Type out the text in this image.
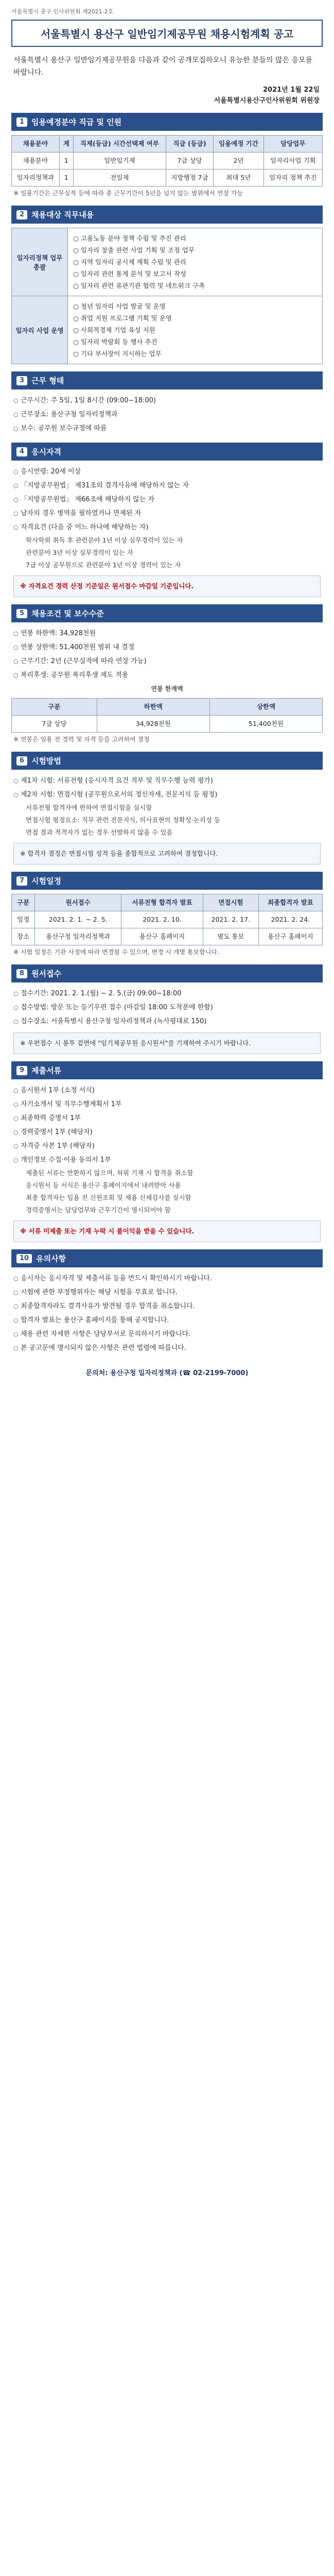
서울특별시 중구 인사위원회 제2021-2호
서울특별시 용산구 일반임기제공무원 채용시험계획 공고
서울특별시 용산구 일반임기제공무원을 다음과 같이 공개모집하오니 유능한 분들의 많은 응모를 바랍니다.
2021년 1월 22일
서울특별시용산구인사위원회 위원장
1 임용예정분야 직급 및 인원
채용분야	계	직제(등급) 시간선택제 여부	직급 (등급)	임용예정 기간	담당업무
채용분야	1	일반임기제	7급 상당	2년	일자리사업 기획
일자리정책과	1	전일제	지방행정 7급	최대 5년	일자리 정책 추진
※ 임용기간은 근무실적 등에 따라 총 근무기간이 5년을 넘지 않는 범위에서 연장 가능
2 채용대상 직무내용
일자리정책 업무 총괄
○ 고용노동 분야 정책 수립 및 추진 관리
○ 일자리 창출 관련 사업 기획 및 조정 업무
○ 지역 일자리 공시제 계획 수립 및 관리
○ 일자리 관련 통계 분석 및 보고서 작성
○ 일자리 관련 유관기관 협력 및 네트워크 구축
일자리 사업 운영
○ 청년 일자리 사업 발굴 및 운영
○ 취업 지원 프로그램 기획 및 운영
○ 사회적경제 기업 육성 지원
○ 일자리 박람회 등 행사 추진
○ 기타 부서장이 지시하는 업무
3 근무 형태
○ 근무시간: 주 5일, 1일 8시간 (09:00~18:00)
○ 근무장소: 용산구청 일자리정책과
○ 보수: 공무원 보수규정에 따름
4 응시자격
○ 응시연령: 20세 이상
○ 「지방공무원법」 제31조의 결격사유에 해당하지 않는 자
○ 「지방공무원법」 제66조에 해당하지 않는 자
○ 남자의 경우 병역을 필하였거나 면제된 자
○ 자격요건 (다음 중 어느 하나에 해당하는 자)
학사학위 취득 후 관련분야 1년 이상 실무경력이 있는 자
관련분야 3년 이상 실무경력이 있는 자
7급 이상 공무원으로 관련분야 1년 이상 경력이 있는 자
※ 자격요건 경력 산정 기준일은 원서접수 마감일 기준입니다.
5 채용조건 및 보수수준
○ 연봉 하한액: 34,928천원
○ 연봉 상한액: 51,400천원 범위 내 결정
○ 근무기간: 2년 (근무실적에 따라 연장 가능)
○ 복리후생: 공무원 복리후생 제도 적용
연봉 한계액
구분	하한액	상한액
7급 상당	34,928천원	51,400천원
※ 연봉은 임용 전 경력 및 자격 등을 고려하여 결정
6 시험방법
○ 제1차 시험: 서류전형 (응시자격 요건 적부 및 직무수행 능력 평가)
○ 제2차 시험: 면접시험 (공무원으로서의 정신자세, 전문지식 등 평정)
서류전형 합격자에 한하여 면접시험을 실시함
면접시험 평정요소: 직무 관련 전문지식, 의사표현의 정확성·논리성 등
면접 결과 적격자가 없는 경우 선발하지 않을 수 있음
※ 합격자 결정은 면접시험 성적 등을 종합적으로 고려하여 결정합니다.
7 시험일정
구분	원서접수	서류전형 합격자 발표	면접시험	최종합격자 발표
일정	2021. 2. 1. ~ 2. 5.	2021. 2. 10.	2021. 2. 17.	2021. 2. 24.
장소	용산구청 일자리정책과	용산구 홈페이지	별도 통보	용산구 홈페이지
※ 시험 일정은 기관 사정에 따라 변경될 수 있으며, 변경 시 개별 통보합니다.
8 원서접수
○ 접수기간: 2021. 2. 1.(월) ~ 2. 5.(금) 09:00~18:00
○ 접수방법: 방문 또는 등기우편 접수 (마감일 18:00 도착분에 한함)
○ 접수장소: 서울특별시 용산구청 일자리정책과 (녹사평대로 150)
※ 우편접수 시 봉투 겉면에 "임기제공무원 응시원서"를 기재하여 주시기 바랍니다.
9 제출서류
○ 응시원서 1부 (소정 서식)
○ 자기소개서 및 직무수행계획서 1부
○ 최종학력 증명서 1부
○ 경력증명서 1부 (해당자)
○ 자격증 사본 1부 (해당자)
○ 개인정보 수집·이용 동의서 1부
제출된 서류는 반환하지 않으며, 허위 기재 시 합격을 취소함
응시원서 등 서식은 용산구 홈페이지에서 내려받아 사용
최종 합격자는 임용 전 신원조회 및 채용 신체검사를 실시함
경력증명서는 담당업무와 근무기간이 명시되어야 함
※ 서류 미제출 또는 기재 누락 시 불이익을 받을 수 있습니다.
10 유의사항
○ 응시자는 응시자격 및 제출서류 등을 반드시 확인하시기 바랍니다.
○ 시험에 관한 부정행위자는 해당 시험을 무효로 합니다.
○ 최종합격자라도 결격사유가 발견될 경우 합격을 취소합니다.
○ 합격자 발표는 용산구 홈페이지를 통해 공지합니다.
○ 채용 관련 자세한 사항은 담당부서로 문의하시기 바랍니다.
○ 본 공고문에 명시되지 않은 사항은 관련 법령에 따릅니다.
문의처: 용산구청 일자리정책과 (☎ 02-2199-7000)
